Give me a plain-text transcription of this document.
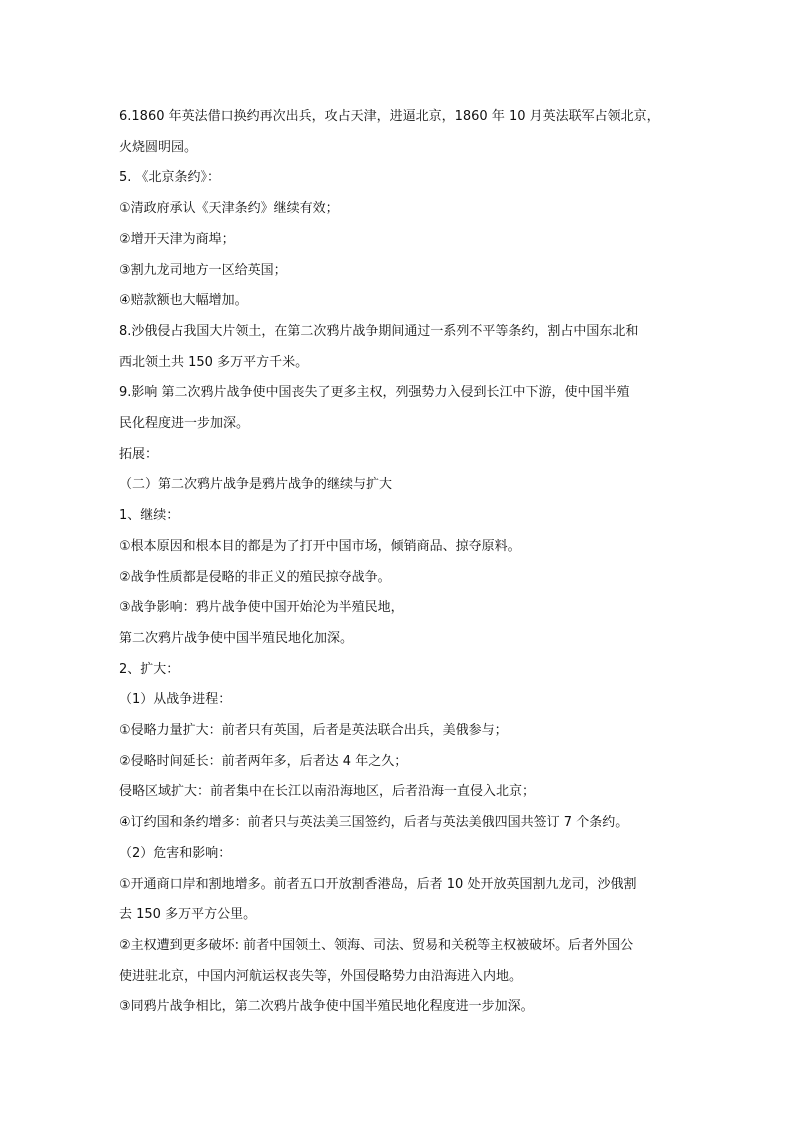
6.1860 年英法借口换约再次出兵，攻占天津，进逼北京，1860 年 10 月英法联军占领北京，

火烧圆明园。

5. 《北京条约》：

①清政府承认《天津条约》继续有效；

②增开天津为商埠；

③割九龙司地方一区给英国；

④赔款额也大幅增加。

8.沙俄侵占我国大片领土，在第二次鸦片战争期间通过一系列不平等条约，割占中国东北和

西北领土共 150 多万平方千米。

9.影响 第二次鸦片战争使中国丧失了更多主权，列强势力入侵到长江中下游，使中国半殖

民化程度进一步加深。

拓展：

（二）第二次鸦片战争是鸦片战争的继续与扩大

1、继续：

①根本原因和根本目的都是为了打开中国市场，倾销商品、掠夺原料。

②战争性质都是侵略的非正义的殖民掠夺战争。

③战争影响：鸦片战争使中国开始沦为半殖民地，

第二次鸦片战争使中国半殖民地化加深。

2、扩大：

（1）从战争进程：

①侵略力量扩大：前者只有英国，后者是英法联合出兵，美俄参与；

②侵略时间延长：前者两年多，后者达 4 年之久；

侵略区域扩大：前者集中在长江以南沿海地区，后者沿海一直侵入北京；

④订约国和条约增多：前者只与英法美三国签约，后者与英法美俄四国共签订 7 个条约。

（2）危害和影响：

①开通商口岸和割地增多。前者五口开放割香港岛，后者 10 处开放英国割九龙司，沙俄割

去 150 多万平方公里。

②主权遭到更多破坏: 前者中国领土、领海、司法、贸易和关税等主权被破坏。后者外国公

使进驻北京，中国内河航运权丧失等，外国侵略势力由沿海进入内地。

③同鸦片战争相比，第二次鸦片战争使中国半殖民地化程度进一步加深。
